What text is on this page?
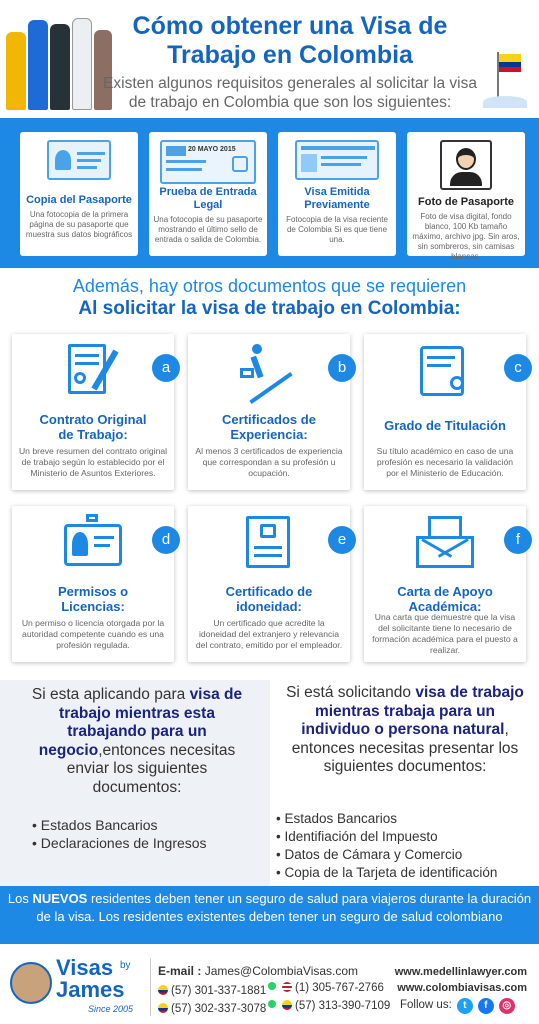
Cómo obtener una Visa de Trabajo en Colombia
Existen algunos requisitos generales al solicitar la visa de trabajo en Colombia que son los siguientes:
Copia del Pasaporte
Una fotocopia de la primera página de su pasaporte que muestra sus datos biográficos
20 MAYO 2015
Prueba de Entrada Legal
Una fotocopia de su pasaporte mostrando el último sello de entrada o salida de Colombia.
Visa Emitida Previamente
Fotocopia de la visa reciente de Colombia Si es que tiene una.
Foto de Pasaporte
Foto de visa digital, fondo blanco, 100 Kb tamaño máximo, archivo jpg. Sin aros, sin sombreros, sin camisas blancas.
Además, hay otros documentos que se requieren
Al solicitar la visa de trabajo en Colombia:
a
Contrato Original de Trabajo:
Un breve resumen del contrato original de trabajo según lo establecido por el Ministerio de Asuntos Exteriores.
b
Certificados de Experiencia:
Al menos 3 certificados de experiencia que correspondan a su profesión u ocupación.
c
Grado de Titulación
Su título académico en caso de una profesión es necesario la validación por el Ministerio de Educación.
d
Permisos o Licencias:
Un permiso o licencia otorgada por la autoridad competente cuando es una profesión regulada.
e
Certificado de idoneidad:
Un certificado que acredite la idoneidad del extranjero y relevancia del contrato, emitido por el empleador.
f
Carta de Apoyo Académica:
Una carta que demuestre que la visa del solicitante tiene lo necesario de formación académica para el puesto a realizar.
Si esta aplicando para visa de trabajo mientras esta trabajando para un negocio,entonces necesitas enviar los siguientes documentos:
• Estados Bancarios
• Declaraciones de Ingresos
Si está solicitando visa de trabajo mientras trabaja para un individuo o persona natural, entonces necesitas presentar los siguientes documentos:
• Estados Bancarios
• Identifiación del Impuesto
• Datos de Cámara y Comercio
• Copia de la Tarjeta de identificación
Los NUEVOS residentes deben tener un seguro de salud para viajeros durante la duración de la visa. Los residentes existentes deben tener un seguro de salud colombiano
Visas
James
by
Since 2005
E-mail : James@ColombiaVisas.com
(57) 301-337-1881	(1) 305-767-2766
(57) 302-337-3078	(57) 313-390-7109
www.medellinlawyer.com
www.colombiavisas.com
Follow us: t f ◎
